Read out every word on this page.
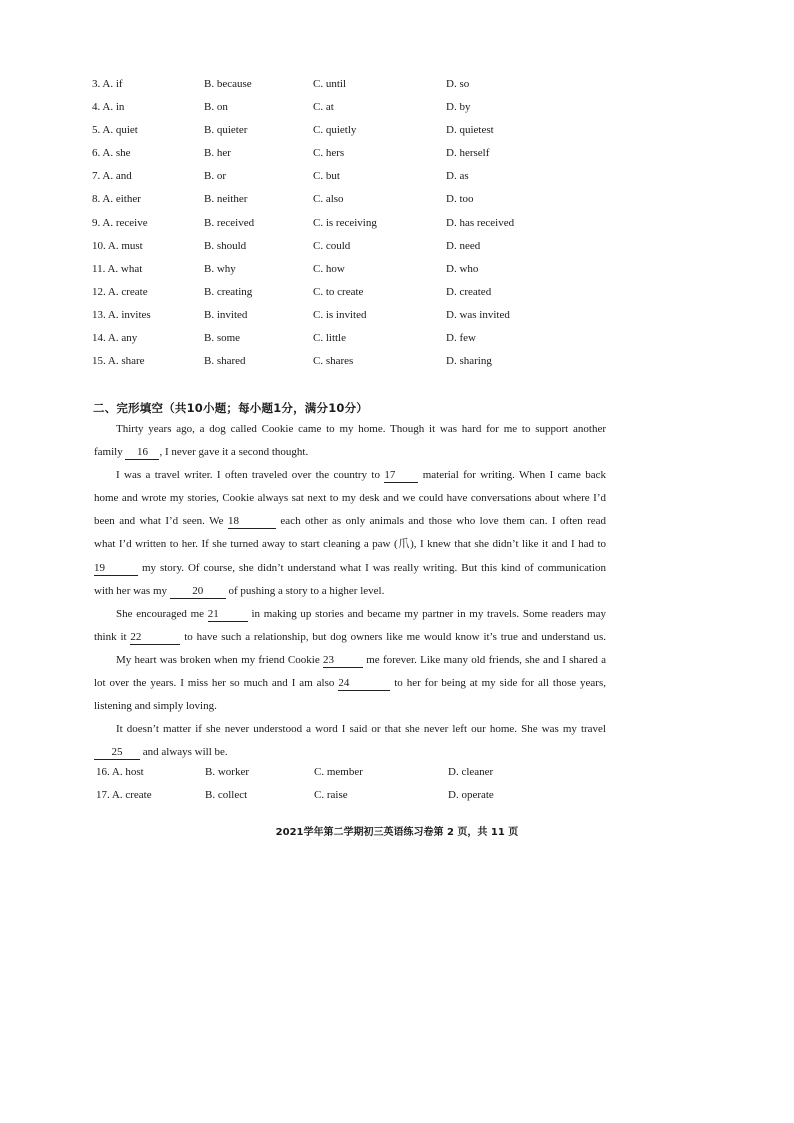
3. A. if	B. because	C. until	D. so
4. A. in	B. on	C. at	D. by
5. A. quiet	B. quieter	C. quietly	D. quietest
6. A. she	B. her	C. hers	D. herself
7. A. and	B. or	C. but	D. as
8. A. either	B. neither	C. also	D. too
9. A. receive	B. received	C. is receiving	D. has received
10. A. must	B. should	C. could	D. need
11. A. what	B. why	C. how	D. who
12. A. create	B. creating	C. to create	D. created
13. A. invites	B. invited	C. is invited	D. was invited
14. A. any	B. some	C. little	D. few
15. A. share	B. shared	C. shares	D. sharing
二、完形填空（共10小题；每小题1分，满分10分）
Thirty years ago, a dog called Cookie came to my home. Though it was hard for me to support another
family 16 , I never gave it a second thought.
I was a travel writer. I often traveled over the country to 17 material for writing. When I came back
home and wrote my stories, Cookie always sat next to my desk and we could have conversations about where I’d
been and what I’d seen. We 18	each other as only animals and those who love them can. I often read
what I’d written to her. If she turned away to start cleaning a paw (爪), I knew that she didn’t like it and I had to
19	my story. Of course, she didn’t understand what I was really writing. But this kind of communication
with her was my 20 of pushing a story to a higher level.
She encouraged me 21	in making up stories and became my partner in my travels. Some readers may
think it 22	to have such a relationship, but dog owners like me would know it’s true and understand us.
My heart was broken when my friend Cookie 23	me forever. Like many old friends, she and I shared a
lot over the years. I miss her so much and I am also 24	to her for being at my side for all those years,
listening and simply loving.
It doesn’t matter if she never understood a word I said or that she never left our home. She was my travel
25 and always will be.
16. A. host	B. worker	C. member	D. cleaner
17. A. create	B. collect	C. raise	D. operate
2021学年第二学期初三英语练习卷第 2 页，共 11 页
